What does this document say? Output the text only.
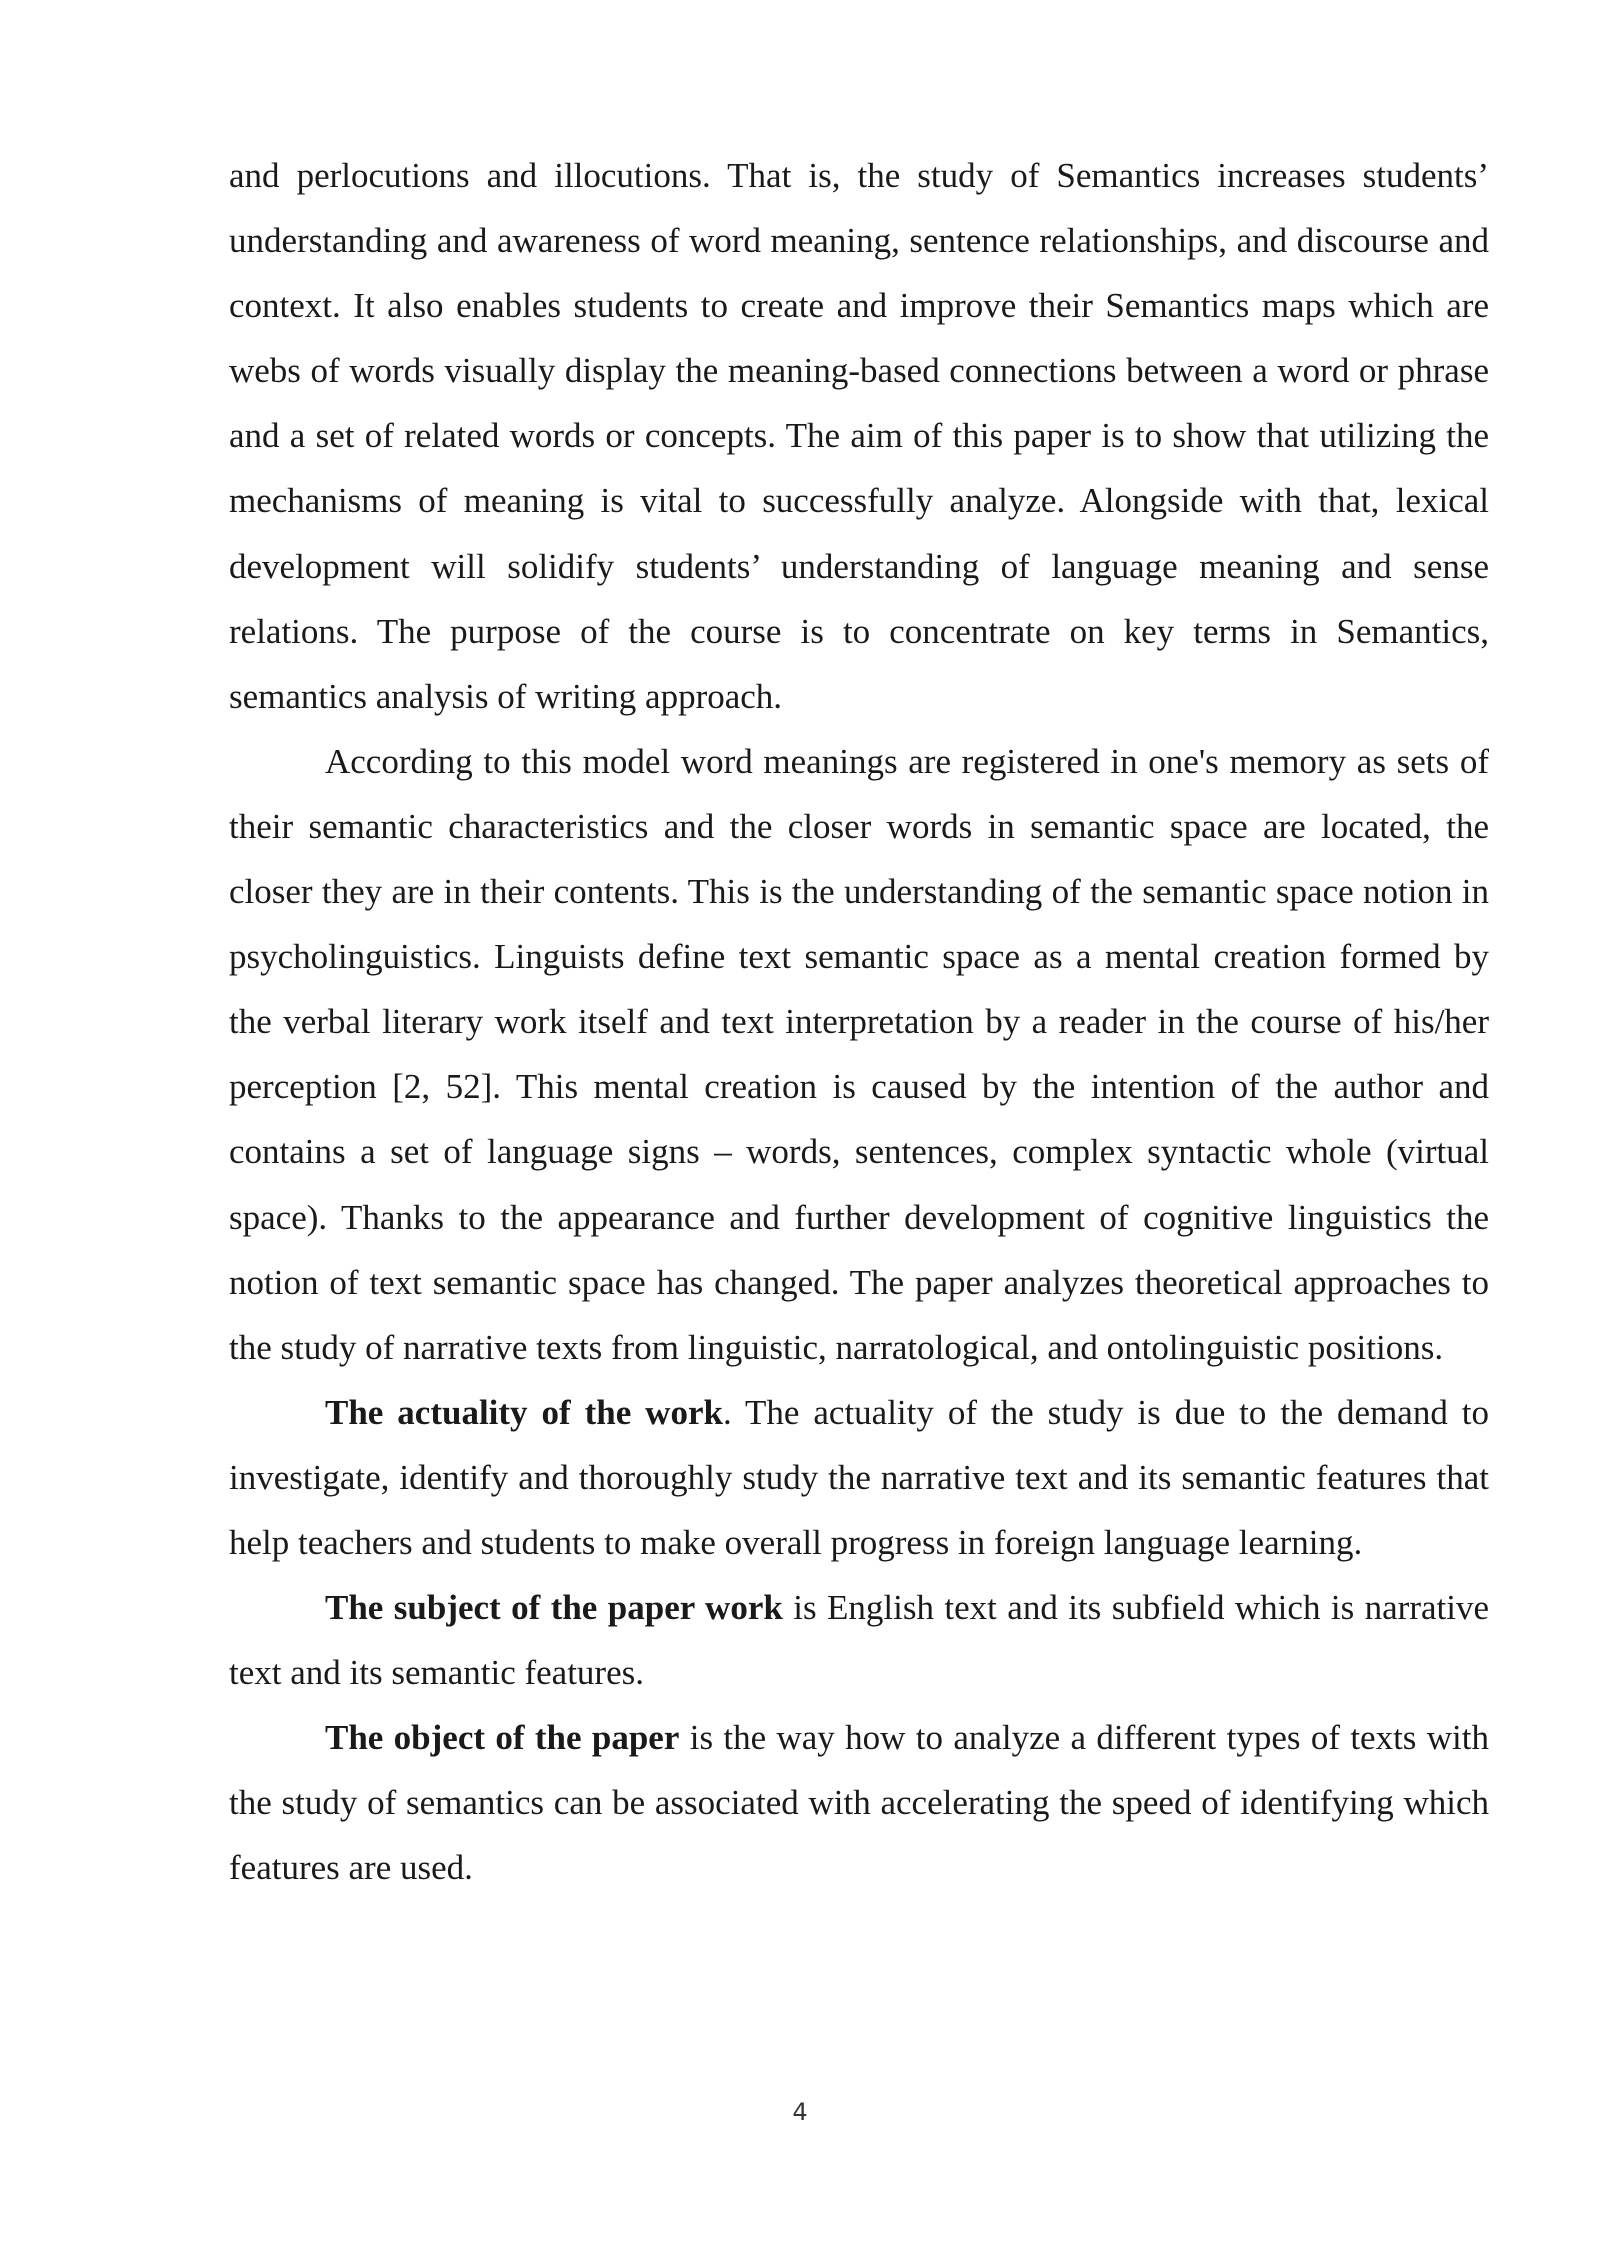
and perlocutions and illocutions. That is, the study of Semantics increases students’ understanding and awareness of word meaning, sentence relationships, and discourse and context. It also enables students to create and improve their Semantics maps which are webs of words visually display the meaning-based connections between a word or phrase and a set of related words or concepts. The aim of this paper is to show that utilizing the mechanisms of meaning is vital to successfully analyze. Alongside with that, lexical development will solidify students’ understanding of language meaning and sense relations. The purpose of the course is to concentrate on key terms in Semantics, semantics analysis of writing approach.

According to this model word meanings are registered in one's memory as sets of their semantic characteristics and the closer words in semantic space are located, the closer they are in their contents. This is the understanding of the semantic space notion in psycholinguistics. Linguists define text semantic space as a mental creation formed by the verbal literary work itself and text interpretation by a reader in the course of his/her perception [2, 52]. This mental creation is caused by the intention of the author and contains a set of language signs – words, sentences, complex syntactic whole (virtual space). Thanks to the appearance and further development of cognitive linguistics the notion of text semantic space has changed. The paper analyzes theoretical approaches to the study of narrative texts from linguistic, narratological, and ontolinguistic positions.

The actuality of the work. The actuality of the study is due to the demand to investigate, identify and thoroughly study the narrative text and its semantic features that help teachers and students to make overall progress in foreign language learning.

The subject of the paper work is English text and its subfield which is narrative text and its semantic features.

The object of the paper is the way how to analyze a different types of texts with the study of semantics can be associated with accelerating the speed of identifying which features are used.

4
